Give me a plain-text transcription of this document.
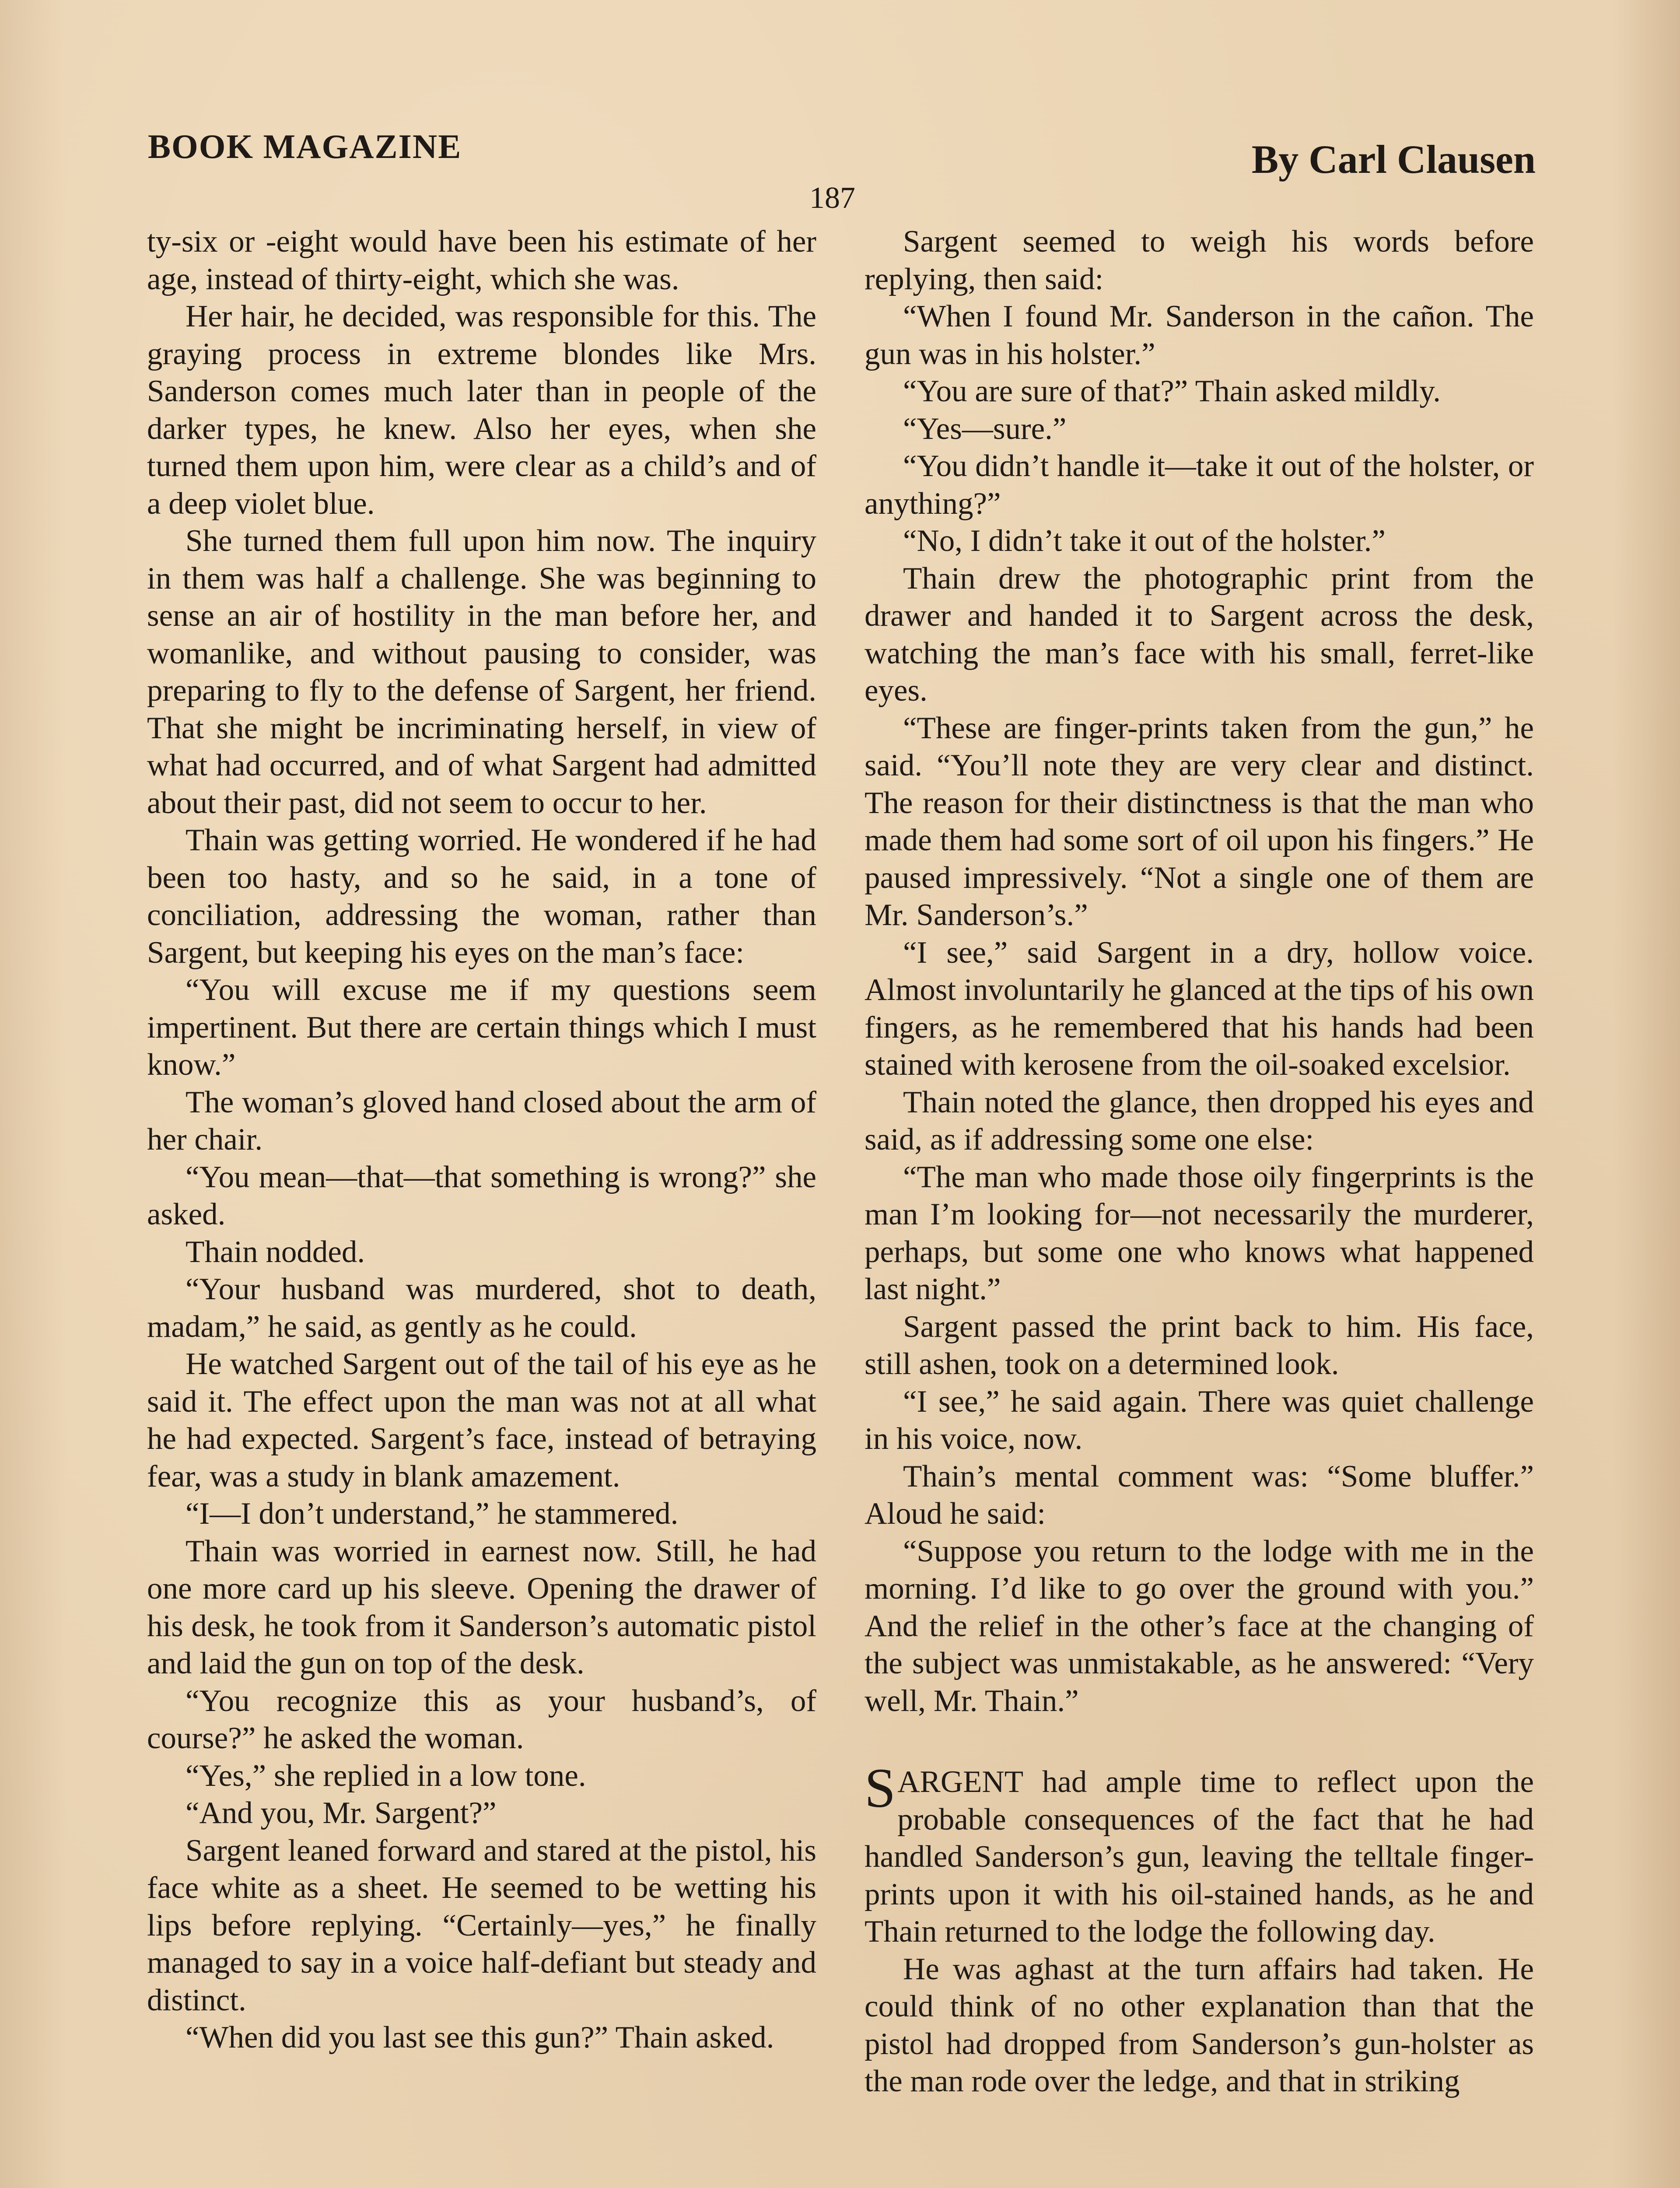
BOOK MAGAZINE	By Carl Clausen
187

ty-six or -eight would have been his estimate of her age, instead of thirty-eight, which she was.

Her hair, he decided, was responsible for this. The graying process in extreme blondes like Mrs. Sanderson comes much later than in people of the darker types, he knew. Also her eyes, when she turned them upon him, were clear as a child’s and of a deep violet blue.

She turned them full upon him now. The inquiry in them was half a challenge. She was beginning to sense an air of hostility in the man before her, and womanlike, and without pausing to consider, was preparing to fly to the defense of Sargent, her friend. That she might be incriminating herself, in view of what had occurred, and of what Sargent had admitted about their past, did not seem to occur to her.

Thain was getting worried. He wondered if he had been too hasty, and so he said, in a tone of conciliation, addressing the woman, rather than Sargent, but keeping his eyes on the man’s face:

“You will excuse me if my questions seem impertinent. But there are certain things which I must know.”

The woman’s gloved hand closed about the arm of her chair.

“You mean—that—that something is wrong?” she asked.

Thain nodded.

“Your husband was murdered, shot to death, madam,” he said, as gently as he could.

He watched Sargent out of the tail of his eye as he said it. The effect upon the man was not at all what he had expected. Sargent’s face, instead of betraying fear, was a study in blank amazement.

“I—I don’t understand,” he stammered.

Thain was worried in earnest now. Still, he had one more card up his sleeve. Opening the drawer of his desk, he took from it Sanderson’s automatic pistol and laid the gun on top of the desk.

“You recognize this as your husband’s, of course?” he asked the woman.

“Yes,” she replied in a low tone.

“And you, Mr. Sargent?”

Sargent leaned forward and stared at the pistol, his face white as a sheet. He seemed to be wetting his lips before replying. “Certainly—yes,” he finally managed to say in a voice half-defiant but steady and distinct.

“When did you last see this gun?” Thain asked.

Sargent seemed to weigh his words before replying, then said:

“When I found Mr. Sanderson in the cañon. The gun was in his holster.”

“You are sure of that?” Thain asked mildly.

“Yes—sure.”

“You didn’t handle it—take it out of the holster, or anything?”

“No, I didn’t take it out of the holster.”

Thain drew the photographic print from the drawer and handed it to Sargent across the desk, watching the man’s face with his small, ferret-like eyes.

“These are finger-prints taken from the gun,” he said. “You’ll note they are very clear and distinct. The reason for their distinctness is that the man who made them had some sort of oil upon his fingers.” He paused impressively. “Not a single one of them are Mr. Sanderson’s.”

“I see,” said Sargent in a dry, hollow voice. Almost involuntarily he glanced at the tips of his own fingers, as he remembered that his hands had been stained with kerosene from the oil-soaked excelsior.

Thain noted the glance, then dropped his eyes and said, as if addressing some one else:

“The man who made those oily fingerprints is the man I’m looking for—not necessarily the murderer, perhaps, but some one who knows what happened last night.”

Sargent passed the print back to him. His face, still ashen, took on a determined look.

“I see,” he said again. There was quiet challenge in his voice, now.

Thain’s mental comment was: “Some bluffer.” Aloud he said:

“Suppose you return to the lodge with me in the morning. I’d like to go over the ground with you.” And the relief in the other’s face at the changing of the subject was unmistakable, as he answered: “Very well, Mr. Thain.”

SARGENT had ample time to reflect upon the probable consequences of the fact that he had handled Sanderson’s gun, leaving the telltale finger-prints upon it with his oil-stained hands, as he and Thain returned to the lodge the following day.

He was aghast at the turn affairs had taken. He could think of no other explanation than that the pistol had dropped from Sanderson’s gun-holster as the man rode over the ledge, and that in striking
